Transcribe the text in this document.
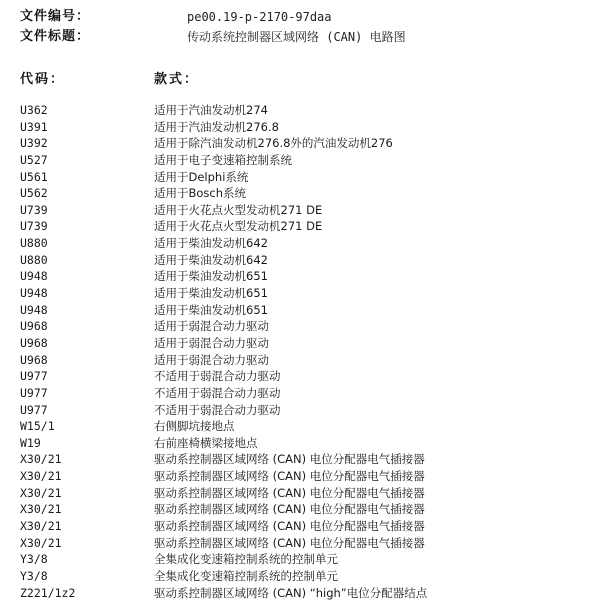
文件编号：	pe00.19-p-2170-97daa
文件标题：	传动系统控制器区域网络 (CAN) 电路图
代码：	款式：
U362	适用于汽油发动机274
U391	适用于汽油发动机276.8
U392	适用于除汽油发动机276.8外的汽油发动机276
U527	适用于电子变速箱控制系统
U561	适用于Delphi系统
U562	适用于Bosch系统
U739	适用于火花点火型发动机271 DE
U739	适用于火花点火型发动机271 DE
U880	适用于柴油发动机642
U880	适用于柴油发动机642
U948	适用于柴油发动机651
U948	适用于柴油发动机651
U948	适用于柴油发动机651
U968	适用于弱混合动力驱动
U968	适用于弱混合动力驱动
U968	适用于弱混合动力驱动
U977	不适用于弱混合动力驱动
U977	不适用于弱混合动力驱动
U977	不适用于弱混合动力驱动
W15/1	右侧脚坑接地点
W19	右前座椅横梁接地点
X30/21	驱动系控制器区域网络 (CAN) 电位分配器电气插接器
X30/21	驱动系控制器区域网络 (CAN) 电位分配器电气插接器
X30/21	驱动系控制器区域网络 (CAN) 电位分配器电气插接器
X30/21	驱动系控制器区域网络 (CAN) 电位分配器电气插接器
X30/21	驱动系控制器区域网络 (CAN) 电位分配器电气插接器
X30/21	驱动系控制器区域网络 (CAN) 电位分配器电气插接器
Y3/8	全集成化变速箱控制系统的控制单元
Y3/8	全集成化变速箱控制系统的控制单元
Z221/1z2	驱动系控制器区域网络 (CAN) “high”电位分配器结点
